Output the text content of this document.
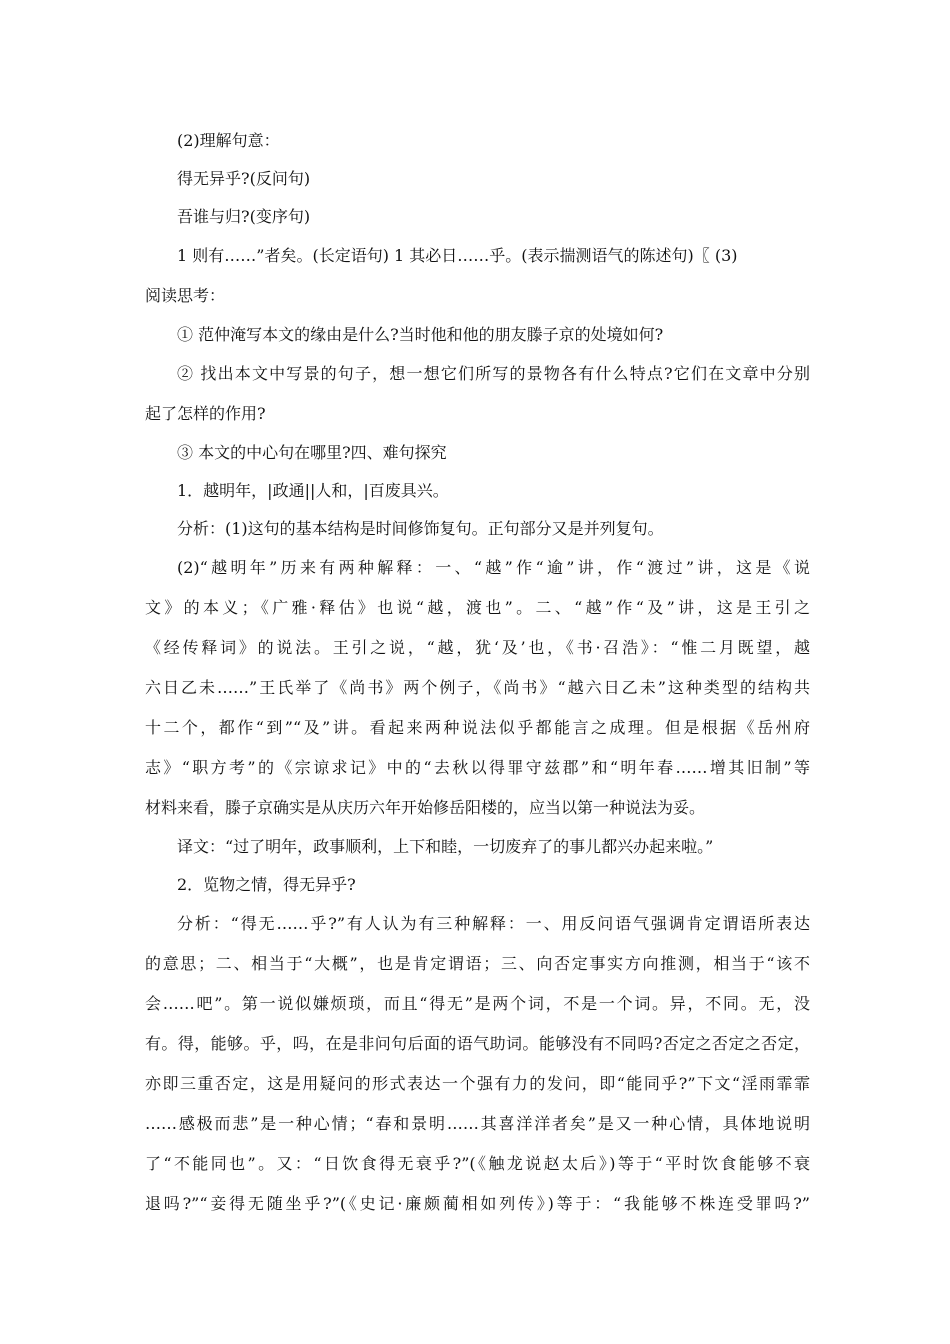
(2)理解句意：
得无异乎?(反问句)
吾谁与归?(变序句)
1 则有……”者矣。(长定语句) 1 其必日……乎。(表示揣测语气的陈述句)〖 (3)
阅读思考：
① 范仲淹写本文的缘由是什么?当时他和他的朋友滕子京的处境如何?
② 找出本文中写景的句子，想一想它们所写的景物各有什么特点?它们在文章中分别
起了怎样的作用?
③ 本文的中心句在哪里?四、难句探究
1．越明年，|政通||人和，|百废具兴。
分析：(1)这句的基本结构是时间修饰复句。正句部分又是并列复句。
(2)“越明年”历来有两种解释：一、“越”作“逾”讲，作“渡过”讲，这是《说
文》的本义；《广雅·释估》也说“越，渡也”。二、“越”作“及”讲，这是王引之
《经传释词》的说法。王引之说，“越，犹‘及’也，《书·召浩》：“惟二月既望，越
六日乙未……”王氏举了《尚书》两个例子，《尚书》“越六日乙未”这种类型的结构共
十二个，都作“到”“及”讲。看起来两种说法似乎都能言之成理。但是根据《岳州府
志》“职方考”的《宗谅求记》中的“去秋以得罪守兹郡”和“明年春……增其旧制”等
材料来看，滕子京确实是从庆历六年开始修岳阳楼的，应当以第一种说法为妥。
译文：“过了明年，政事顺利，上下和睦，一切废弃了的事儿都兴办起来啦。”
2．览物之情，得无异乎?
分析：“得无……乎?”有人认为有三种解释：一、用反问语气强调肯定谓语所表达
的意思；二、相当于“大概”，也是肯定谓语；三、向否定事实方向推测，相当于“该不
会……吧”。第一说似嫌烦琐，而且“得无”是两个词，不是一个词。异，不同。无，没
有。得，能够。乎，吗，在是非问句后面的语气助词。能够没有不同吗?否定之否定之否定，
亦即三重否定，这是用疑问的形式表达一个强有力的发问，即“能同乎?”下文“淫雨霏霏
……感极而悲”是一种心情；“春和景明……其喜洋洋者矣”是又一种心情，具体地说明
了“不能同也”。又：“日饮食得无衰乎?”(《触龙说赵太后》)等于“平时饮食能够不衰
退吗?”“妾得无随坐乎?”(《史记·廉颇蔺相如列传》)等于：“我能够不株连受罪吗?”
